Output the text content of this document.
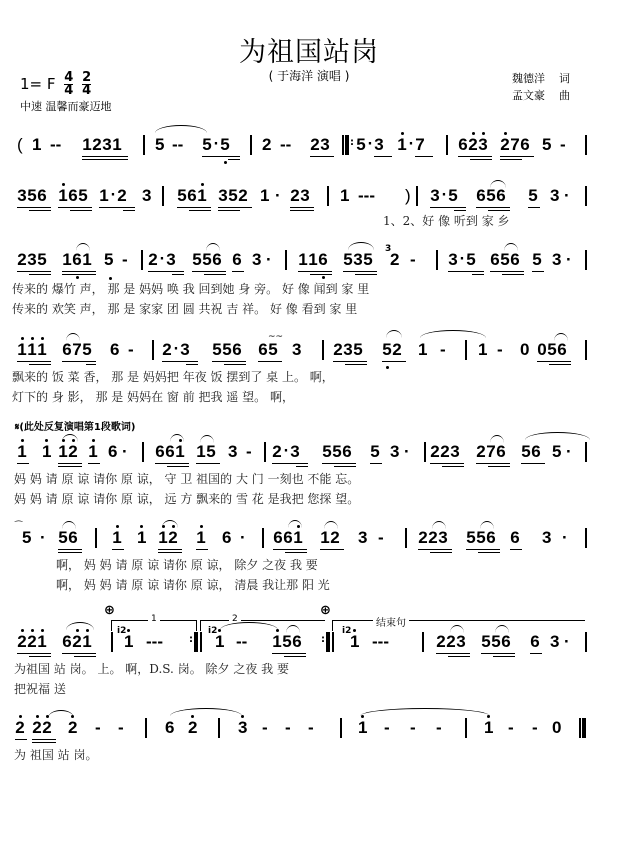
为祖国站岗
( 于海洋 演唱 )
1= F $\frac{4}{4}$
$\frac{2}{4}$
中速 温馨而豪迈地
魏德洋 词
孟文豪 曲
( 1 -- 1231	5 -- 5 · 5	2 -- 23	: 5 · 3 1 · 7	623 276 5 -
356 165 1 · 2 3 561 352 1 · 23 1 --- ) 3 · 5	656 5 3 ·
1、2、好 像 听到 家 乡
235 161 5 - 2 · 3 556 6 3 · 116 535
3
2 - 3 · 5 656 5 3 ·
传来的 爆竹 声， 那 是 妈妈 唤 我 回到她 身 旁。 好 像 闻到 家 里
传来的 欢笑 声， 那 是 家家 团 圆 共祝 吉 祥。 好 像 看到 家 里
111 675 6 - 2 · 3	556 65
~~
3 235 52 1 - 1 - 0 056
飘来的 饭 菜 香， 那 是 妈妈把 年夜 饭 摆到了 桌 上。 啊，
灯下的 身 影， 那 是 妈妈在 窗 前 把我 遥 望。 啊，
𝄋(此处反复演唱第1段歌词)
1 1 12 1 6 · 661 15 3 - 2 · 3	556 5 3 · 223 276 56 5 ·
妈 妈 请 原 谅 请你 原 谅， 守 卫 祖国的 大 门 一刻也 不能 忘。
妈 妈 请 原 谅 请你 原 谅， 远 方 飘来的 雪 花 是我把 您探 望。
⁀
5 · 56 1 1 12 1 6 · 661 12 3 - 223 556 6 3 ·
啊， 妈 妈 请 原 谅 请你 原 谅， 除夕 之夜 我 要
啊， 妈 妈 请 原 谅 请你 原 谅， 清晨 我让那 阳 光
⊕	⊕
1	2	结束句
221 621
i2
1 ---	:

i2
1 -- 156	:

i2
1 ---	223 556 6 3 ·
为祖国 站 岗。 上。 啊，D.S. 岗。 除夕 之夜 我 要
把祝福 送
2 22 2 - - 6 2 3 - - -	1 - - - 1 - - 0
为 祖国 站 岗。
